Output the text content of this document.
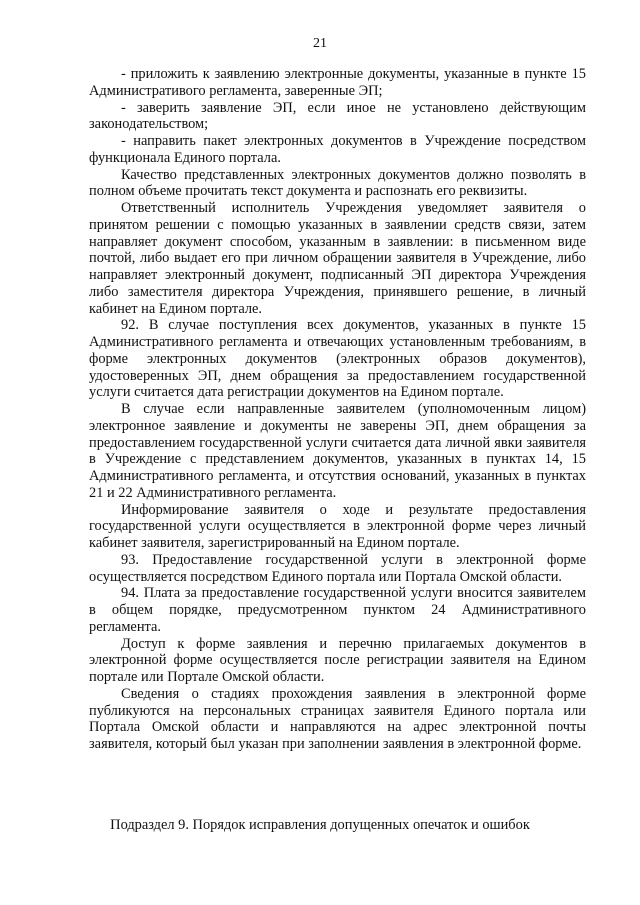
21

- приложить к заявлению электронные документы, указанные в пункте 15 Административого регламента, заверенные ЭП;

- заверить заявление ЭП, если иное не установлено действующим законодательством;

- направить пакет электронных документов в Учреждение посредством функционала Единого портала.

Качество представленных электронных документов должно позволять в полном объеме прочитать текст документа и распознать его реквизиты.

Ответственный исполнитель Учреждения уведомляет заявителя о принятом решении с помощью указанных в заявлении средств связи, затем направляет документ способом, указанным в заявлении: в письменном виде почтой, либо выдает его при личном обращении заявителя в Учреждение, либо направляет электронный документ, подписанный ЭП директора Учреждения либо заместителя директора Учреждения, принявшего решение, в личный кабинет на Едином портале.

92. В случае поступления всех документов, указанных в пункте 15 Административного регламента и отвечающих установленным требованиям, в форме электронных документов (электронных образов документов), удостоверенных ЭП, днем обращения за предоставлением государственной услуги считается дата регистрации документов на Едином портале.

В случае если направленные заявителем (уполномоченным лицом) электронное заявление и документы не заверены ЭП, днем обращения за предоставлением государственной услуги считается дата личной явки заявителя в Учреждение с представлением документов, указанных в пунктах 14, 15 Административного регламента, и отсутствия оснований, указанных в пунктах 21 и 22 Административного регламента.

Информирование заявителя о ходе и результате предоставления государственной услуги осуществляется в электронной форме через личный кабинет заявителя, зарегистрированный на Едином портале.

93. Предоставление государственной услуги в электронной форме осуществляется посредством Единого портала или Портала Омской области.

94. Плата за предоставление государственной услуги вносится заявителем в общем порядке, предусмотренном пунктом 24 Административного регламента.

Доступ к форме заявления и перечню прилагаемых документов в электронной форме осуществляется после регистрации заявителя на Едином портале или Портале Омской области.

Сведения о стадиях прохождения заявления в электронной форме публикуются на персональных страницах заявителя Единого портала или Портала Омской области и направляются на адрес электронной почты заявителя, который был указан при заполнении заявления в электронной форме.

Подраздел 9. Порядок исправления допущенных опечаток и ошибок
